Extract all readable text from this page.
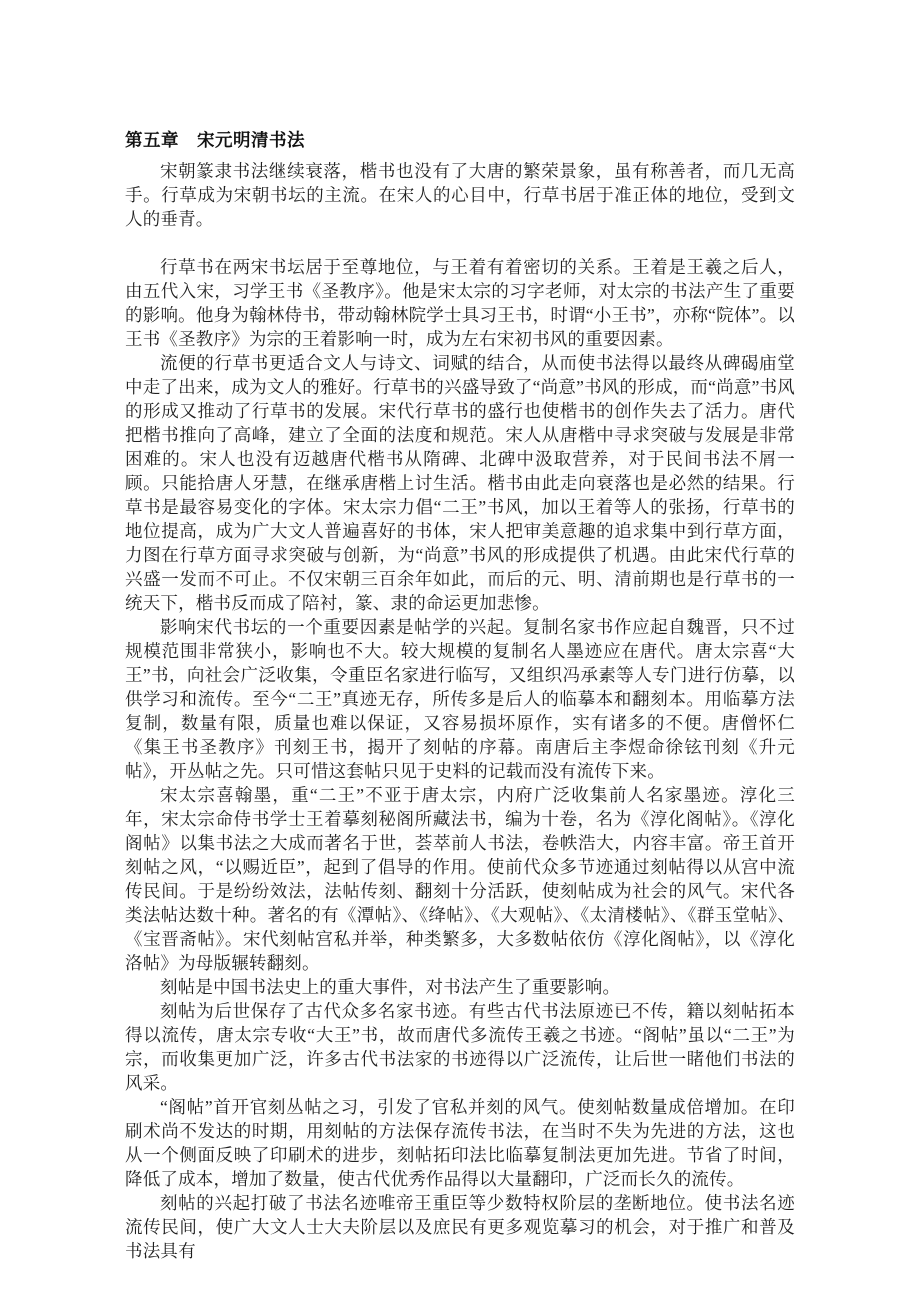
第五章　宋元明清书法

宋朝篆隶书法继续衰落，楷书也没有了大唐的繁荣景象，虽有称善者，而几无高手。行草成为宋朝书坛的主流。在宋人的心目中，行草书居于准正体的地位，受到文人的垂青。

行草书在两宋书坛居于至尊地位，与王着有着密切的关系。王着是王羲之后人，由五代入宋，习学王书《圣教序》。他是宋太宗的习字老师，对太宗的书法产生了重要的影响。他身为翰林侍书，带动翰林院学士具习王书，时谓“小王书”，亦称“院体”。以王书《圣教序》为宗的王着影响一时，成为左右宋初书风的重要因素。

流便的行草书更适合文人与诗文、词赋的结合，从而使书法得以最终从碑碣庙堂中走了出来，成为文人的雅好。行草书的兴盛导致了“尚意”书风的形成，而“尚意”书风的形成又推动了行草书的发展。宋代行草书的盛行也使楷书的创作失去了活力。唐代把楷书推向了高峰，建立了全面的法度和规范。宋人从唐楷中寻求突破与发展是非常困难的。宋人也没有迈越唐代楷书从隋碑、北碑中汲取营养，对于民间书法不屑一顾。只能拾唐人牙慧，在继承唐楷上讨生活。楷书由此走向衰落也是必然的结果。行草书是最容易变化的字体。宋太宗力倡“二王”书风，加以王着等人的张扬，行草书的地位提高，成为广大文人普遍喜好的书体，宋人把审美意趣的追求集中到行草方面，力图在行草方面寻求突破与创新，为“尚意”书风的形成提供了机遇。由此宋代行草的兴盛一发而不可止。不仅宋朝三百余年如此，而后的元、明、清前期也是行草书的一统天下，楷书反而成了陪衬，篆、隶的命运更加悲惨。

影响宋代书坛的一个重要因素是帖学的兴起。复制名家书作应起自魏晋，只不过规模范围非常狭小，影响也不大。较大规模的复制名人墨迹应在唐代。唐太宗喜“大王”书，向社会广泛收集，令重臣名家进行临写，又组织冯承素等人专门进行仿摹，以供学习和流传。至今“二王”真迹无存，所传多是后人的临摹本和翻刻本。用临摹方法复制，数量有限，质量也难以保证，又容易损坏原作，实有诸多的不便。唐僧怀仁《集王书圣教序》刊刻王书，揭开了刻帖的序幕。南唐后主李煜命徐铉刊刻《升元帖》，开丛帖之先。只可惜这套帖只见于史料的记载而没有流传下来。

宋太宗喜翰墨，重“二王”不亚于唐太宗，内府广泛收集前人名家墨迹。淳化三年，宋太宗命侍书学士王着摹刻秘阁所藏法书，编为十卷，名为《淳化阁帖》。《淳化阁帖》以集书法之大成而著名于世，荟萃前人书法，卷帙浩大，内容丰富。帝王首开刻帖之风，“以赐近臣”，起到了倡导的作用。使前代众多节迹通过刻帖得以从宫中流传民间。于是纷纷效法，法帖传刻、翻刻十分活跃，使刻帖成为社会的风气。宋代各类法帖达数十种。著名的有《潭帖》、《绛帖》、《大观帖》、《太清楼帖》、《群玉堂帖》、《宝晋斋帖》。宋代刻帖宫私并举，种类繁多，大多数帖依仿《淳化阁帖》，以《淳化洛帖》为母版辗转翻刻。

刻帖是中国书法史上的重大事件，对书法产生了重要影响。

刻帖为后世保存了古代众多名家书迹。有些古代书法原迹已不传，籍以刻帖拓本得以流传，唐太宗专收“大王”书，故而唐代多流传王羲之书迹。“阁帖”虽以“二王”为宗，而收集更加广泛，许多古代书法家的书迹得以广泛流传，让后世一睹他们书法的风采。

“阁帖”首开官刻丛帖之习，引发了官私并刻的风气。使刻帖数量成倍增加。在印刷术尚不发达的时期，用刻帖的方法保存流传书法，在当时不失为先进的方法，这也从一个侧面反映了印刷术的进步，刻帖拓印法比临摹复制法更加先进。节省了时间，降低了成本，增加了数量，使古代优秀作品得以大量翻印，广泛而长久的流传。

刻帖的兴起打破了书法名迹唯帝王重臣等少数特权阶层的垄断地位。使书法名迹流传民间，使广大文人士大夫阶层以及庶民有更多观览摹习的机会，对于推广和普及书法具有
